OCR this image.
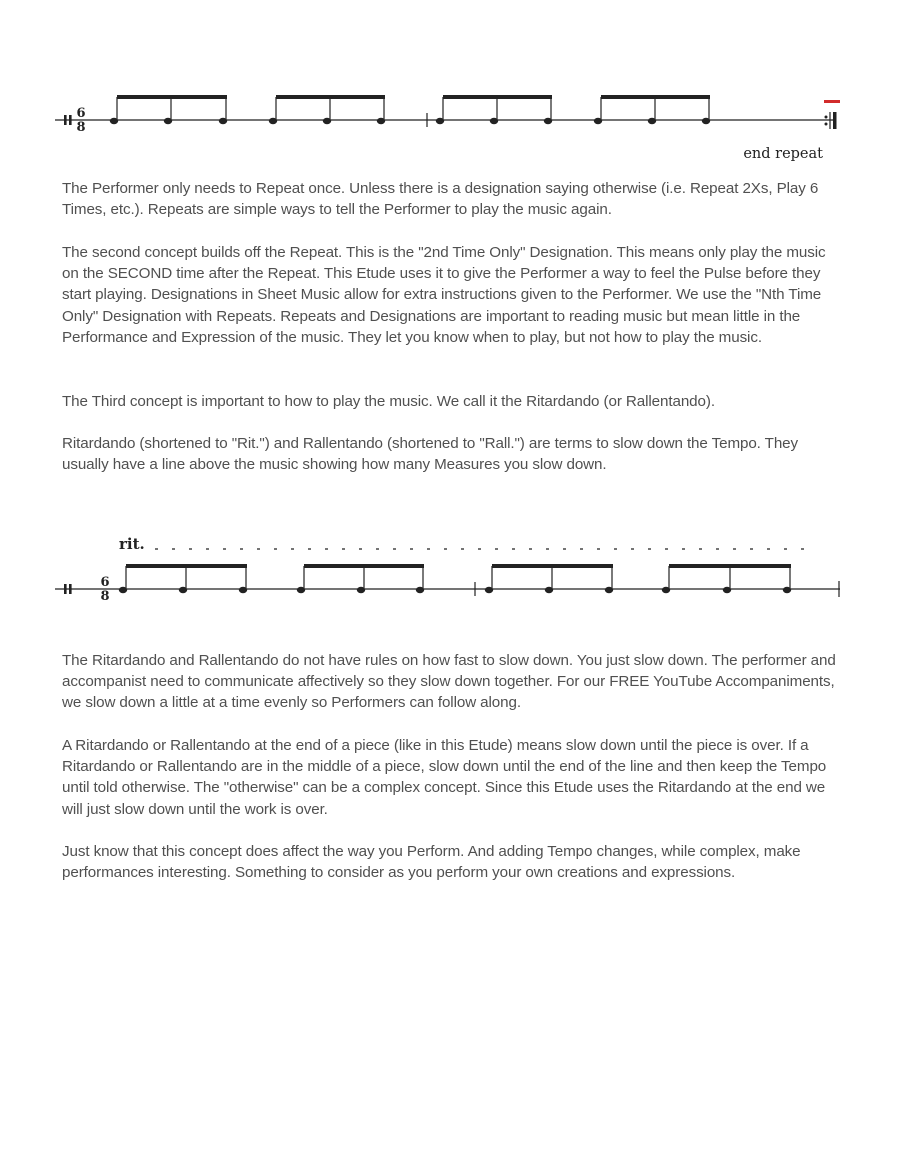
6
8
end repeat

The Performer only needs to Repeat once. Unless there is a designation saying otherwise (i.e. Repeat 2Xs, Play 6 Times, etc.). Repeats are simple ways to tell the Performer to play the music again.

The second concept builds off the Repeat. This is the "2nd Time Only" Designation. This means only play the music on the SECOND time after the Repeat. This Etude uses it to give the Performer a way to feel the Pulse before they start playing. Designations in Sheet Music allow for extra instructions given to the Performer. We use the "Nth Time Only" Designation with Repeats. Repeats and Designations are important to reading music but mean little in the Performance and Expression of the music. They let you know when to play, but not how to play the music.

The Third concept is important to how to play the music. We call it the Ritardando (or Rallentando).

Ritardando (shortened to "Rit.") and Rallentando (shortened to "Rall.") are terms to slow down the Tempo. They usually have a line above the music showing how many Measures you slow down.

rit.
6
8

The Ritardando and Rallentando do not have rules on how fast to slow down. You just slow down. The performer and accompanist need to communicate affectively so they slow down together. For our FREE YouTube Accompaniments, we slow down a little at a time evenly so Performers can follow along.

A Ritardando or Rallentando at the end of a piece (like in this Etude) means slow down until the piece is over. If a Ritardando or Rallentando are in the middle of a piece, slow down until the end of the line and then keep the Tempo until told otherwise. The "otherwise" can be a complex concept. Since this Etude uses the Ritardando at the end we will just slow down until the work is over.

Just know that this concept does affect the way you Perform. And adding Tempo changes, while complex, make performances interesting. Something to consider as you perform your own creations and expressions.
